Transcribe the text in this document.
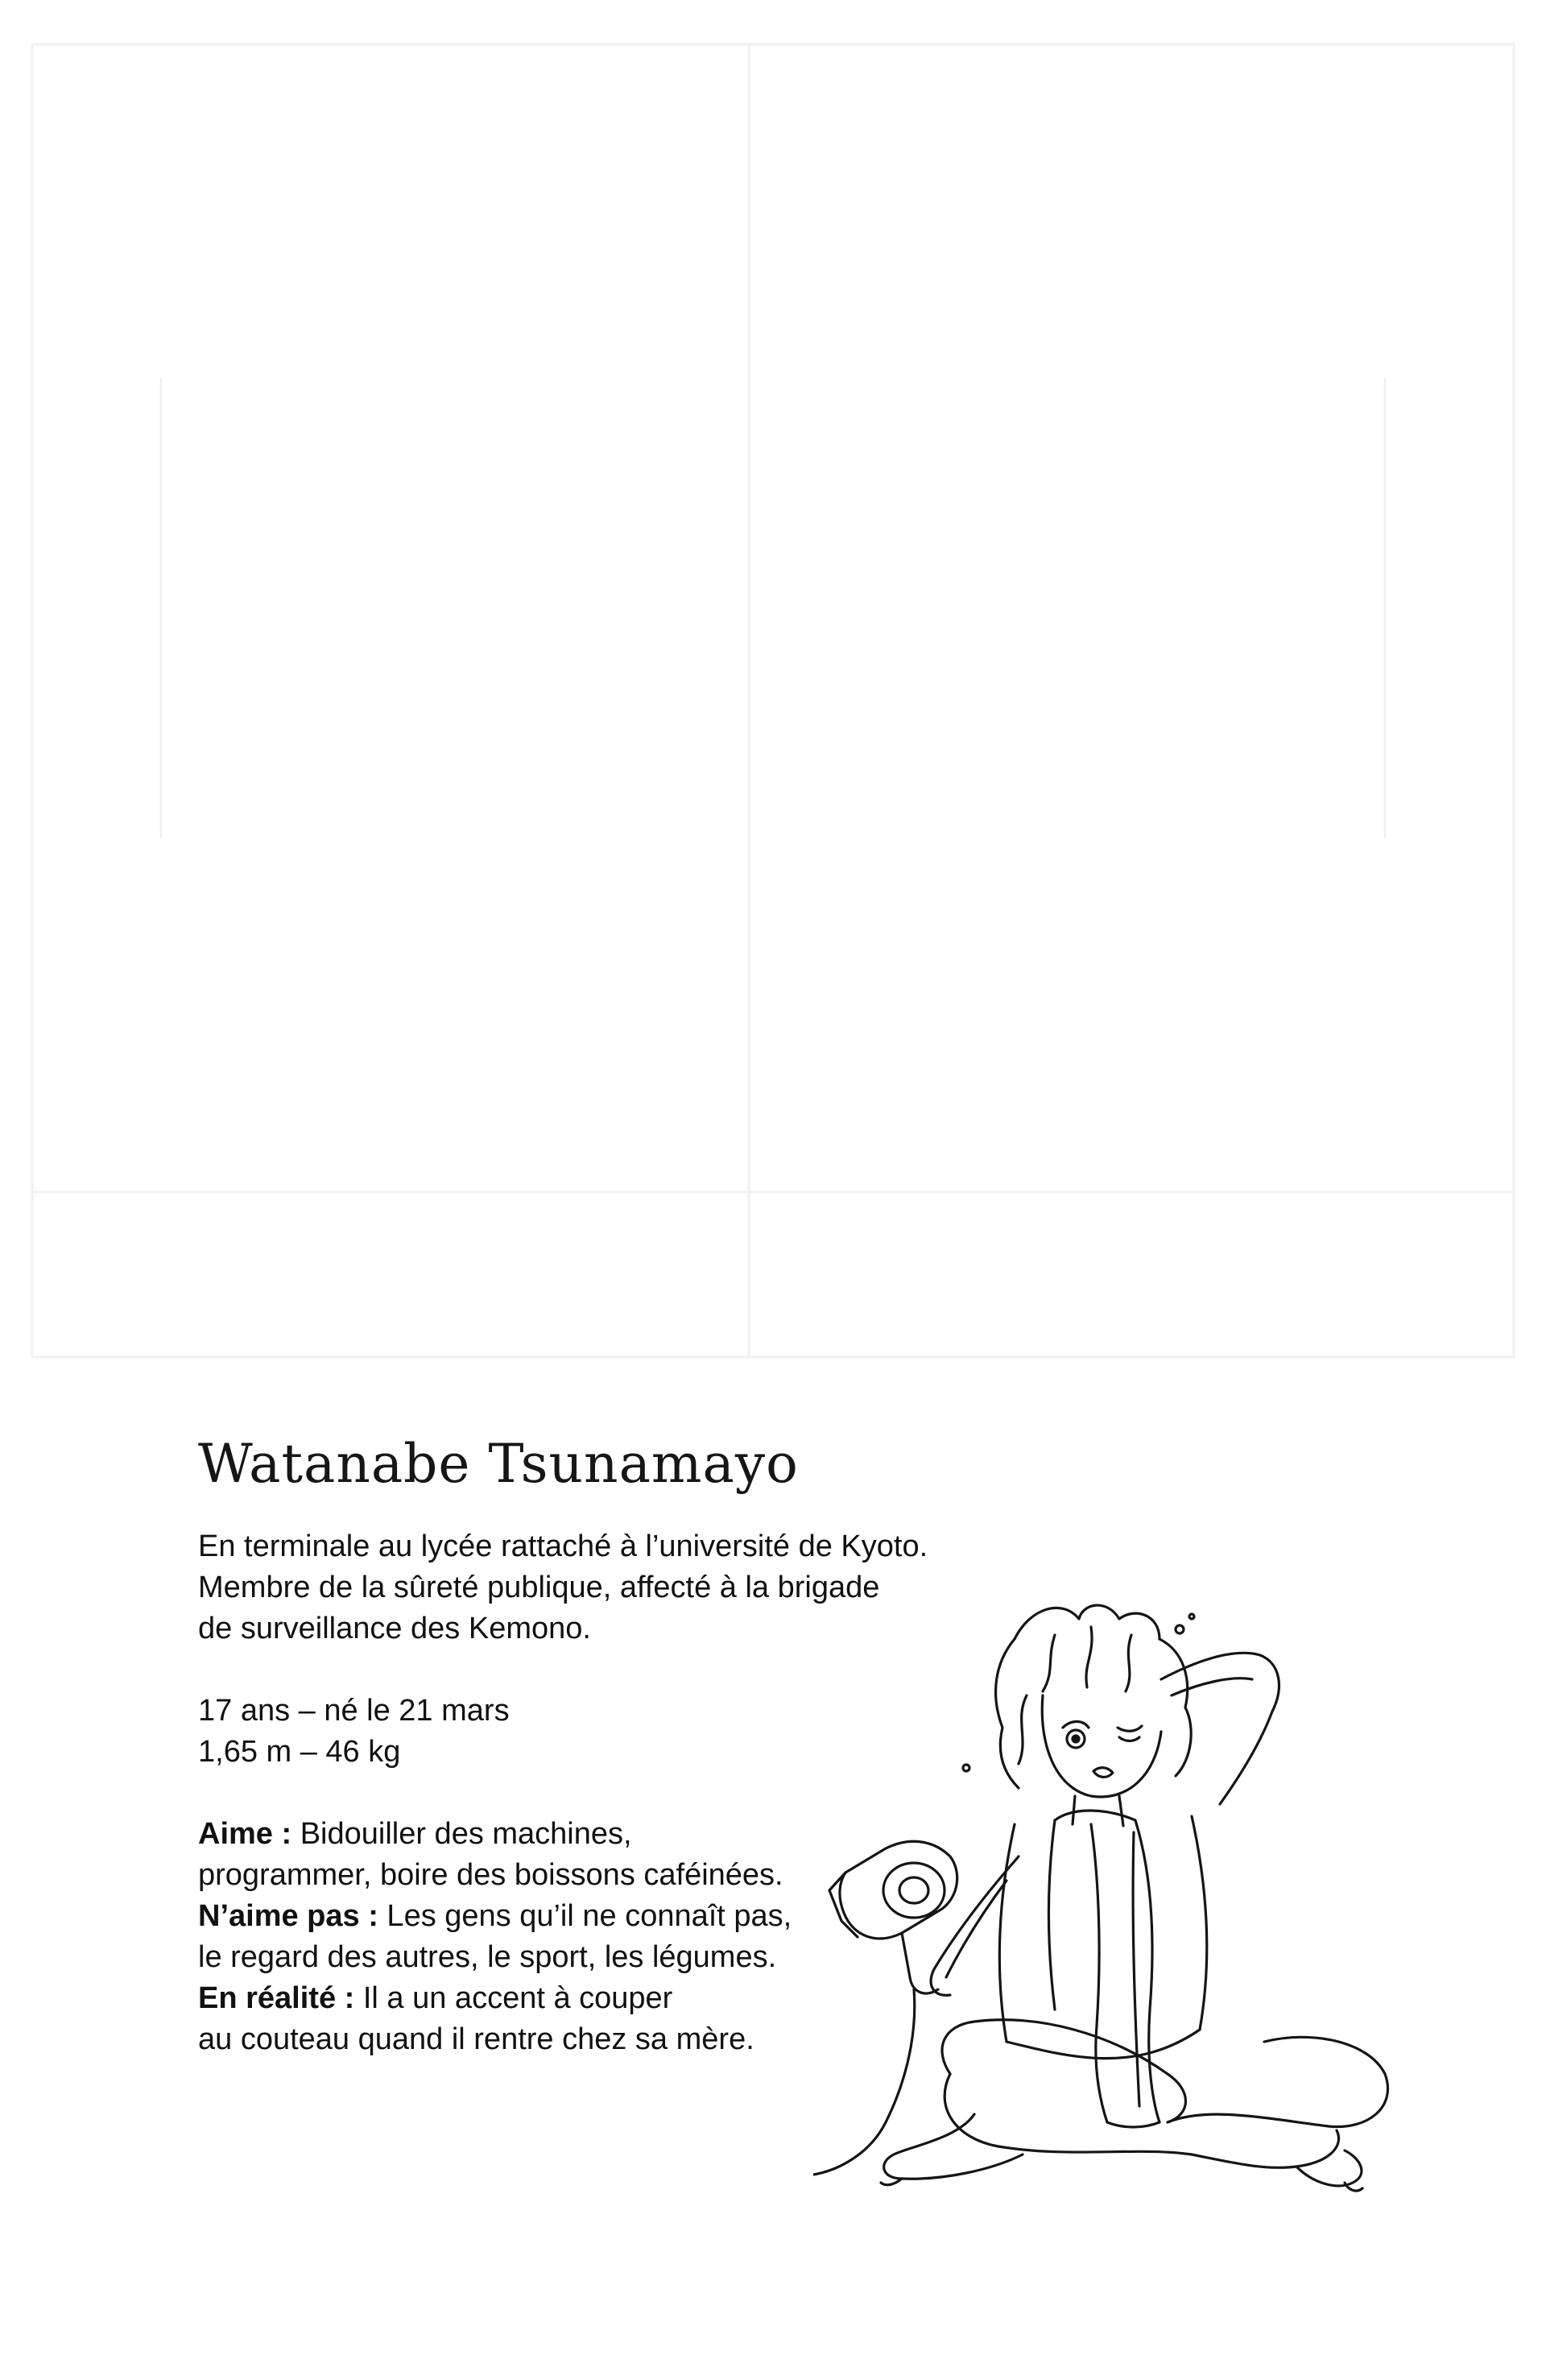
Watanabe Tsunamayo

En terminale au lycée rattaché à l’université de Kyoto.
Membre de la sûreté publique, affecté à la brigade
de surveillance des Kemono.

17 ans – né le 21 mars
1,65 m – 46 kg

Aime : Bidouiller des machines,
programmer, boire des boissons caféinées.
N’aime pas : Les gens qu’il ne connaît pas,
le regard des autres, le sport, les légumes.
En réalité : Il a un accent à couper
au couteau quand il rentre chez sa mère.
